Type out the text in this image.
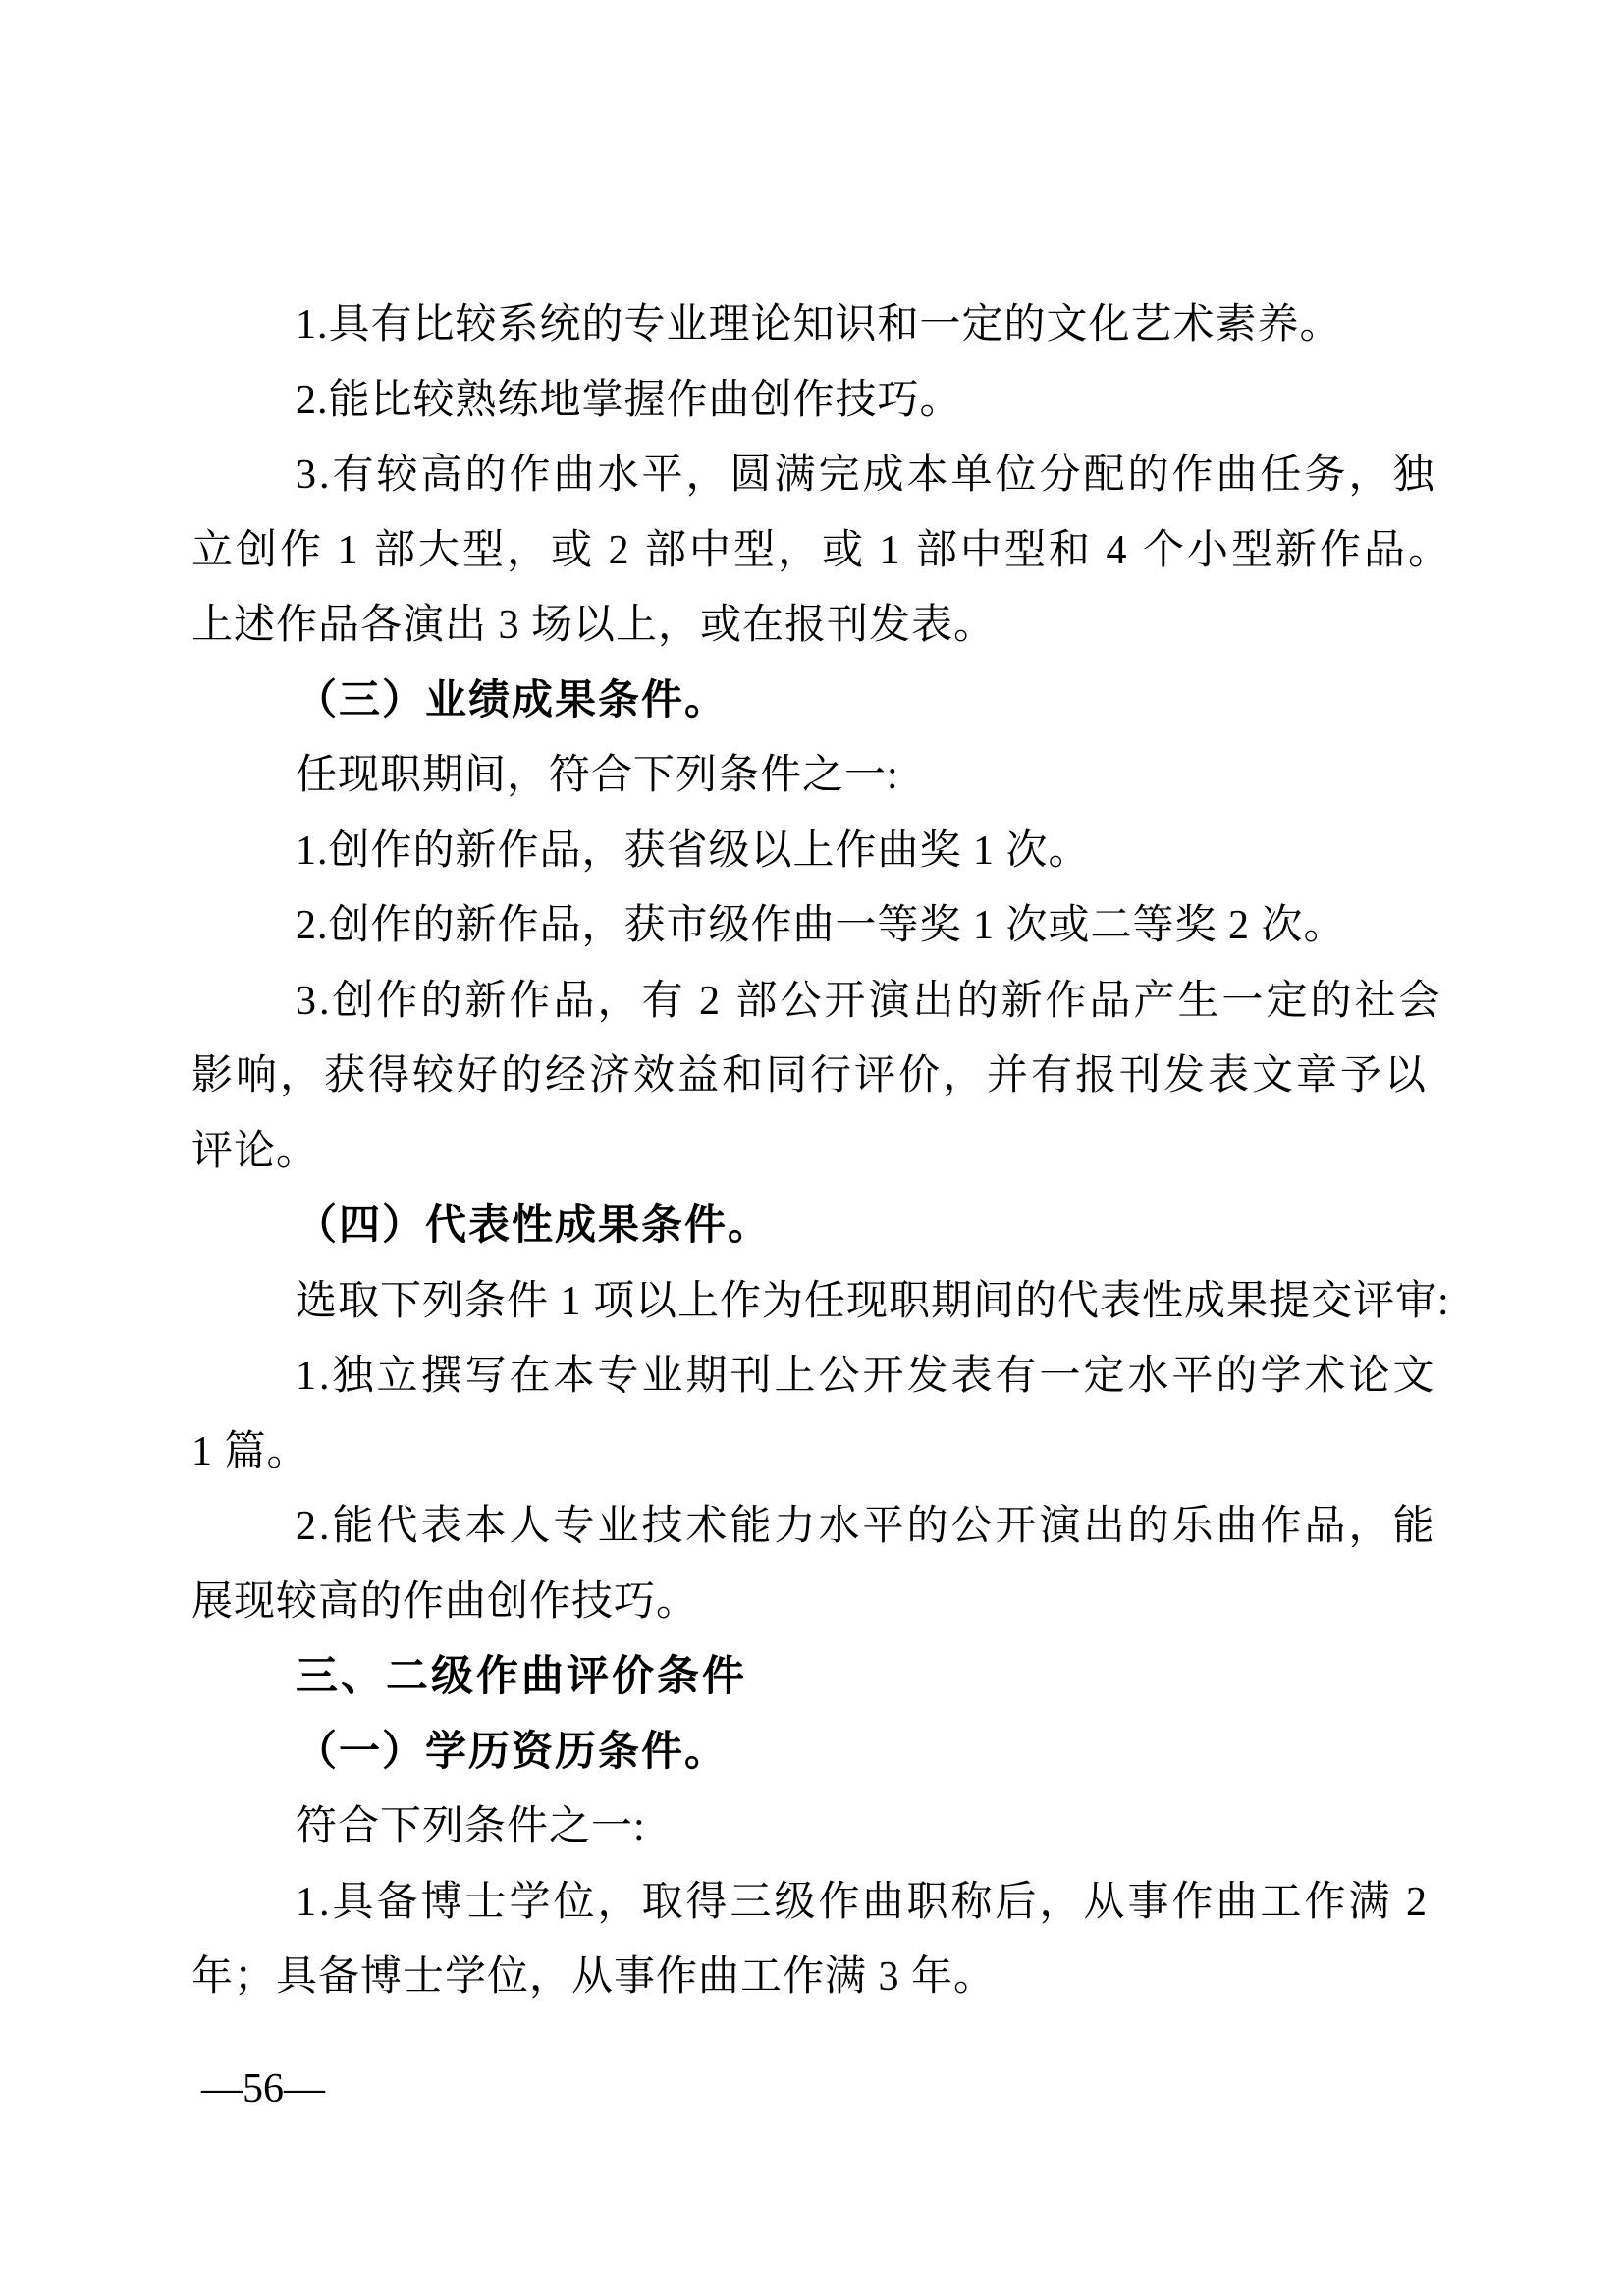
1.具有比较系统的专业理论知识和一定的文化艺术素养。
2.能比较熟练地掌握作曲创作技巧。
3.有较高的作曲水平，圆满完成本单位分配的作曲任务，独
立创作 1 部大型，或 2 部中型，或 1 部中型和 4 个小型新作品。
上述作品各演出 3 场以上，或在报刊发表。
（三）业绩成果条件。
任现职期间，符合下列条件之一:
1.创作的新作品，获省级以上作曲奖 1 次。
2.创作的新作品，获市级作曲一等奖 1 次或二等奖 2 次。
3.创作的新作品，有 2 部公开演出的新作品产生一定的社会
影响，获得较好的经济效益和同行评价，并有报刊发表文章予以
评论。
（四）代表性成果条件。
选取下列条件 1 项以上作为任现职期间的代表性成果提交评审:
1.独立撰写在本专业期刊上公开发表有一定水平的学术论文
1 篇。
2.能代表本人专业技术能力水平的公开演出的乐曲作品，能
展现较高的作曲创作技巧。
三、二级作曲评价条件
（一）学历资历条件。
符合下列条件之一:
1.具备博士学位，取得三级作曲职称后，从事作曲工作满 2
年；具备博士学位，从事作曲工作满 3 年。
—56—
